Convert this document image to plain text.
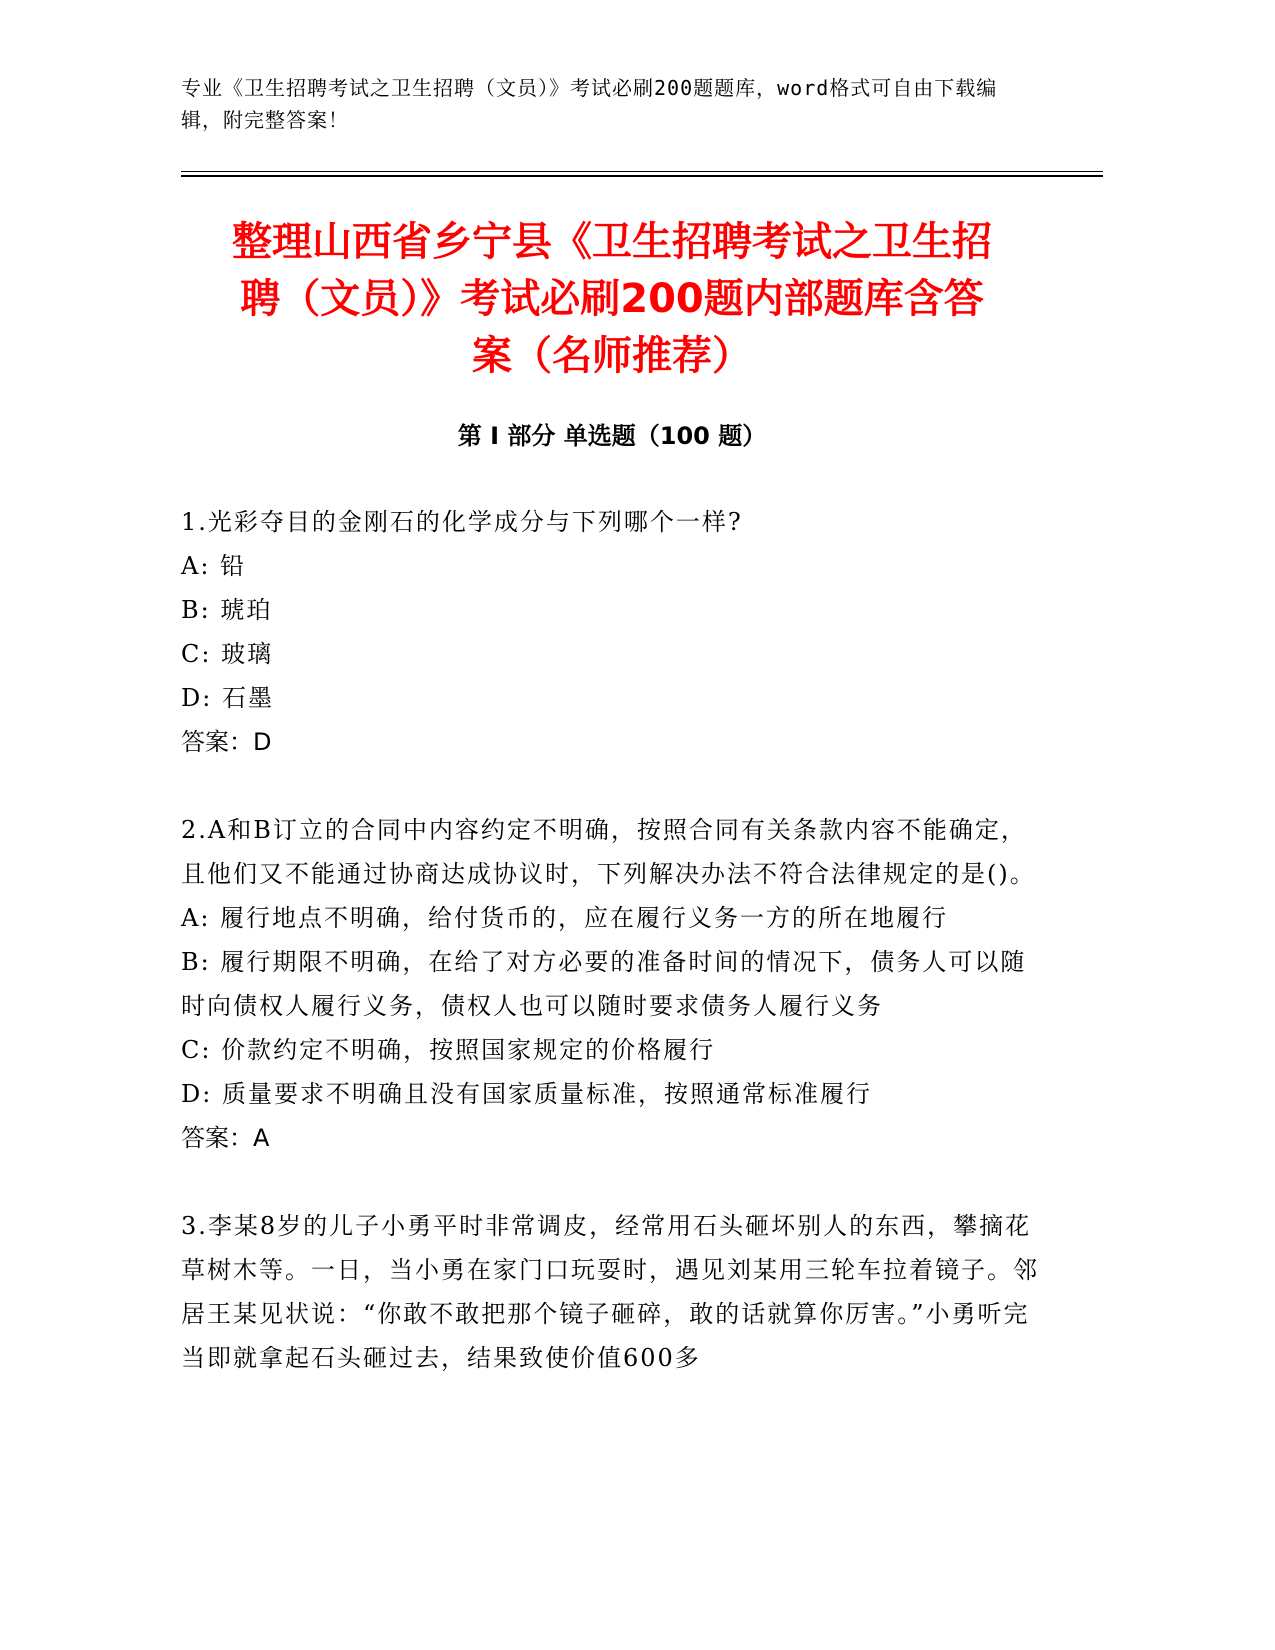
专业《卫生招聘考试之卫生招聘（文员）》考试必刷200题题库，word格式可自由下载编辑，附完整答案！
整理山西省乡宁县《卫生招聘考试之卫生招
聘（文员）》考试必刷200题内部题库含答
案（名师推荐）
第 I 部分 单选题（100 题）

1.光彩夺目的金刚石的化学成分与下列哪个一样?

A: 铅

B: 琥珀

C: 玻璃

D: 石墨

答案：D

2.A和B订立的合同中内容约定不明确，按照合同有关条款内容不能确定，且他们又不能通过协商达成协议时，下列解决办法不符合法律规定的是()。

A: 履行地点不明确，给付货币的，应在履行义务一方的所在地履行

B: 履行期限不明确，在给了对方必要的准备时间的情况下，债务人可以随时向债权人履行义务，债权人也可以随时要求债务人履行义务

C: 价款约定不明确，按照国家规定的价格履行

D: 质量要求不明确且没有国家质量标准，按照通常标准履行

答案：A

3.李某8岁的儿子小勇平时非常调皮，经常用石头砸坏别人的东西，攀摘花草树木等。一日，当小勇在家门口玩耍时，遇见刘某用三轮车拉着镜子。邻居王某见状说：“你敢不敢把那个镜子砸碎，敢的话就算你厉害。”小勇听完当即就拿起石头砸过去，结果致使价值600多
